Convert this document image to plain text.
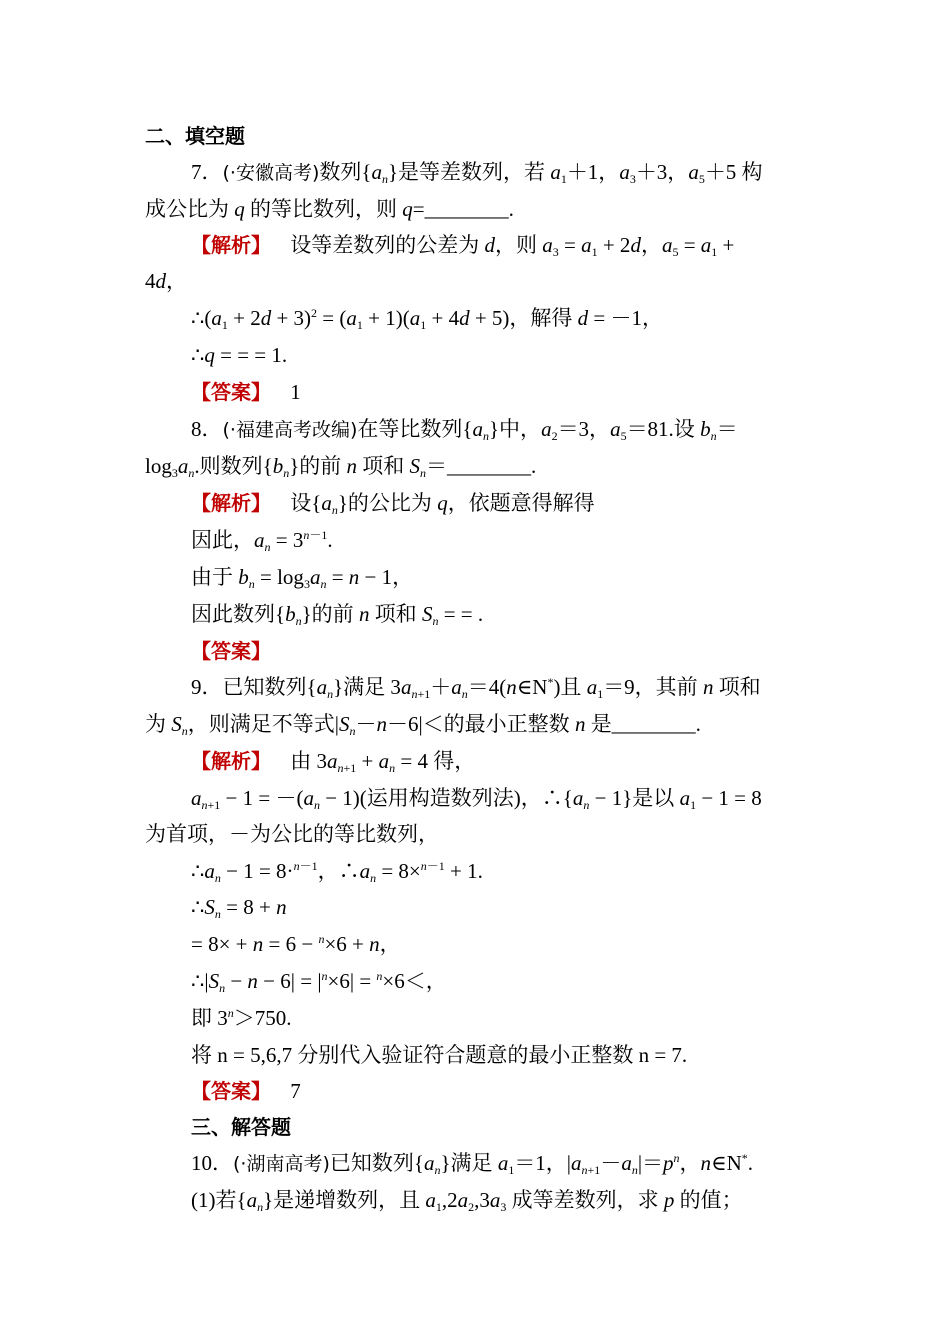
二、填空题
7．(·安徽高考)数列$\{a_n\}$是等差数列，若 $a_1+1$，$a_3+3$，$a_5+5$ 构
成公比为 q 的等比数列，则 q=________.
【解析】 设等差数列的公差为 d，则 $a_3 = a_1 + 2d$，$a_5 = a_1$ +
4d，
$\therefore(a_1 + 2d + 3)^2 = (a_1 + 1)(a_1 + 4d + 5)$，解得 d = －1，
∴q = = = 1.
【答案】 1
8．(·福建高考改编)在等比数列$\{a_n\}$中，$a_2=3$，$a_5=81$.设 $b_n=$
$\log_3a_n$.则数列$\{b_n\}$的前 n 项和 $S_n=\_\_\_\_\_\_\_\_$.
【解析】 设$\{a_n\}$的公比为 q，依题意得解得
因此，$a_n = 3^{n-1}$.
由于 $b_n = \log_3a_n = n - 1$，
因此数列$\{b_n\}$的前 n 项和 $S_n$ = = .
【答案】
9．已知数列$\{a_n\}$满足 $3a_{n+1}+a_n=4(n\in N^*)$且 $a_1=9$，其前 n 项和
为 $S_n$，则满足不等式$|S_n-n-6|<$的最小正整数 n 是________.
【解析】 由 $3a_{n+1} + a_n = 4$ 得，
$a_{n+1} - 1 = -(a_n - 1)$(运用构造数列法)，$\therefore\{a_n - 1\}$是以 $a_1 - 1 = 8$
为首项，－为公比的等比数列，
$\therefore a_n - 1 = 8\cdot^{n-1}$，$\therefore a_n = 8\times^{n-1} + 1$.
$\therefore S_n = 8 + n$
= 8× + n = 6 − $^n$×6 + n，
$\therefore|S_n - n - 6| = |^n\times 6| = ^n\times 6<$，
即 $3^n>750$.
将 n = 5,6,7 分别代入验证符合题意的最小正整数 n = 7.
【答案】 7
三、解答题
10．(·湖南高考)已知数列$\{a_n\}$满足 $a_1=1$，$|a_{n+1}-a_n|=p^n$，n∈N*.
(1)若$\{a_n\}$是递增数列，且 $a_1,2a_2,3a_3$ 成等差数列，求 p 的值；
